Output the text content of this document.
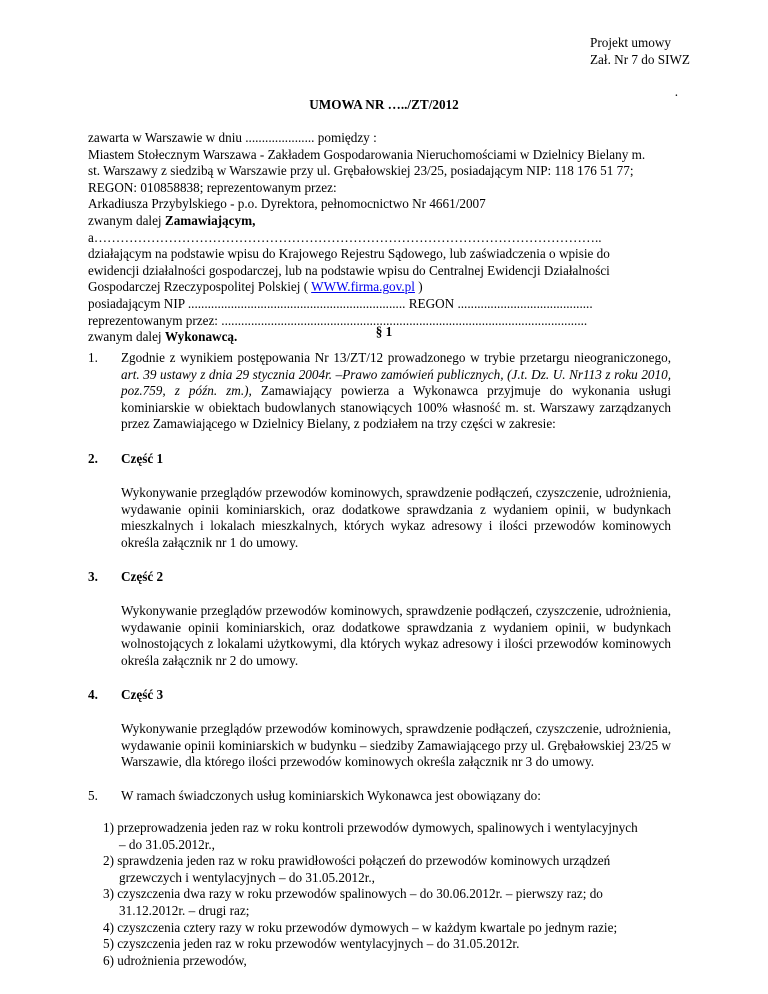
Projekt umowy
Zał. Nr 7 do SIWZ
.
UMOWA NR …../ZT/2012

zawarta w Warszawie w dniu ..................... pomiędzy :

Miastem Stołecznym Warszawa - Zakładem Gospodarowania Nieruchomościami w Dzielnicy Bielany m.

st. Warszawy z siedzibą w Warszawie przy ul. Grębałowskiej 23/25, posiadającym NIP: 118 176 51 77;

REGON: 010858838; reprezentowanym przez:

Arkadiusza Przybylskiego - p.o. Dyrektora, pełnomocnictwo Nr 4661/2007

zwanym dalej Zamawiającym,

a……………………………………………………………………………………………………..

działającym na podstawie wpisu do Krajowego Rejestru Sądowego, lub zaświadczenia o wpisie do

ewidencji działalności gospodarczej, lub na podstawie wpisu do Centralnej Ewidencji Działalności

Gospodarczej Rzeczypospolitej Polskiej ( WWW.firma.gov.pl )

posiadającym NIP .................................................................. REGON .........................................

reprezentowanym przez: ...............................................................................................................

zwanym dalej Wykonawcą.	§ 1
1.	Zgodnie z wynikiem postępowania Nr 13/ZT/12 prowadzonego w trybie przetargu nieograniczonego, art. 39 ustawy z dnia 29 stycznia 2004r. –Prawo zamówień publicznych, (J.t. Dz. U. Nr113 z roku 2010, poz.759, z późn. zm.), Zamawiający powierza a Wykonawca przyjmuje do wykonania usługi kominiarskie w obiektach budowlanych stanowiących 100% własność m. st. Warszawy zarządzanych przez Zamawiającego w Dzielnicy Bielany, z podziałem na trzy części w zakresie:

2.	Część 1

Wykonywanie przeglądów przewodów kominowych, sprawdzenie podłączeń, czyszczenie, udrożnienia, wydawanie opinii kominiarskich, oraz dodatkowe sprawdzania z wydaniem opinii, w budynkach mieszkalnych i lokalach mieszkalnych, których wykaz adresowy i ilości przewodów kominowych określa załącznik nr 1 do umowy.

3.	Część 2

Wykonywanie przeglądów przewodów kominowych, sprawdzenie podłączeń, czyszczenie, udrożnienia, wydawanie opinii kominiarskich, oraz dodatkowe sprawdzania z wydaniem opinii, w budynkach wolnostojących z lokalami użytkowymi, dla których wykaz adresowy i ilości przewodów kominowych określa załącznik nr 2 do umowy.

4.	Część 3

Wykonywanie przeglądów przewodów kominowych, sprawdzenie podłączeń, czyszczenie, udrożnienia, wydawanie opinii kominiarskich w budynku – siedziby Zamawiającego przy ul. Grębałowskiej 23/25 w Warszawie, dla którego ilości przewodów kominowych określa załącznik nr 3 do umowy.

5.	W ramach świadczonych usług kominiarskich Wykonawca jest obowiązany do:

1)
przeprowadzenia jeden raz w roku kontroli przewodów dymowych, spalinowych i wentylacyjnych
– do 31.05.2012r.,
2)
sprawdzenia jeden raz w roku prawidłowości połączeń do przewodów kominowych urządzeń
grzewczych i wentylacyjnych – do 31.05.2012r.,
3)
czyszczenia dwa razy w roku przewodów spalinowych – do 30.06.2012r. – pierwszy raz; do
31.12.2012r. – drugi raz;
4)
czyszczenia cztery razy w roku przewodów dymowych – w każdym kwartale po jednym razie;
5)
czyszczenia jeden raz w roku przewodów wentylacyjnych – do 31.05.2012r.
6)
udrożnienia przewodów,
